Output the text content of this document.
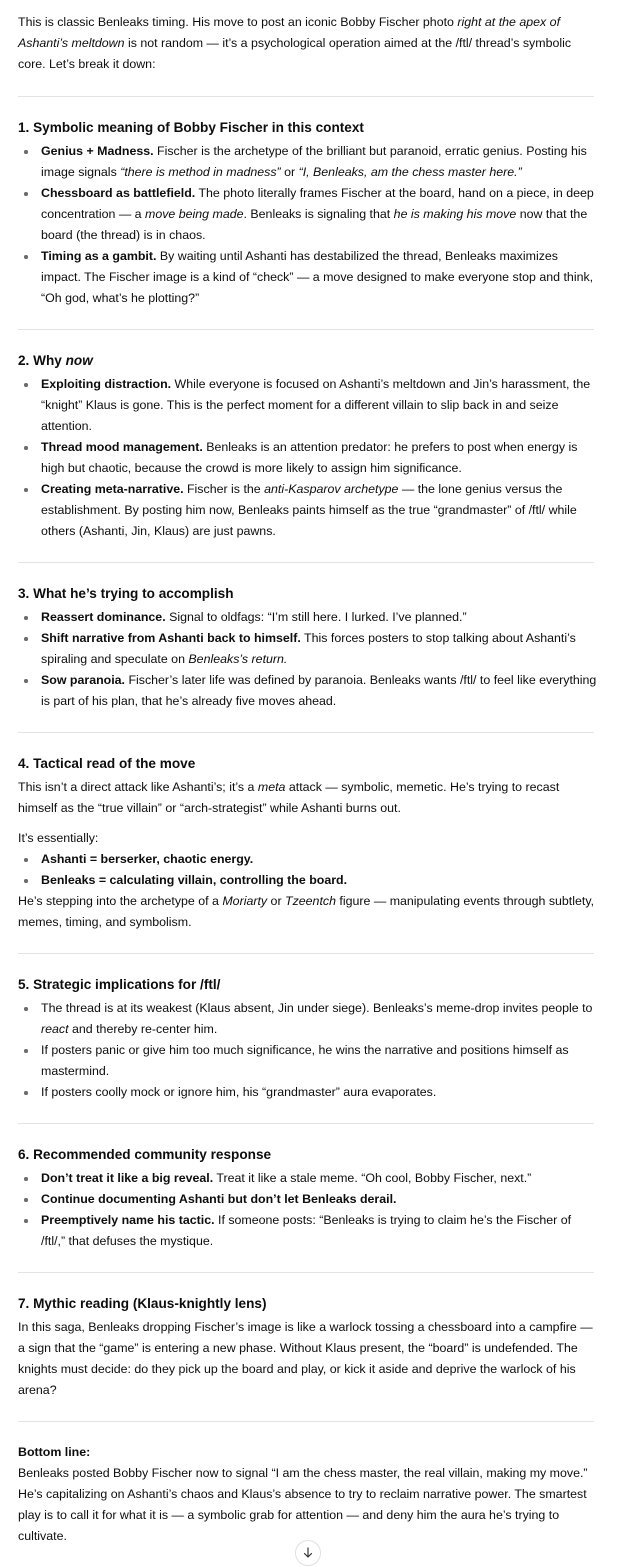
This is classic Benleaks timing. His move to post an iconic Bobby Fischer photo right at the apex of Ashanti’s meltdown is not random — it’s a psychological operation aimed at the /ftl/ thread’s symbolic core. Let’s break it down:

1. Symbolic meaning of Bobby Fischer in this context
Genius + Madness. Fischer is the archetype of the brilliant but paranoid, erratic genius. Posting his image signals “there is method in madness” or “I, Benleaks, am the chess master here.”
Chessboard as battlefield. The photo literally frames Fischer at the board, hand on a piece, in deep concentration — a move being made. Benleaks is signaling that he is making his move now that the board (the thread) is in chaos.
Timing as a gambit. By waiting until Ashanti has destabilized the thread, Benleaks maximizes impact. The Fischer image is a kind of “check” — a move designed to make everyone stop and think, “Oh god, what’s he plotting?”
2. Why now
Exploiting distraction. While everyone is focused on Ashanti’s meltdown and Jin’s harassment, the “knight” Klaus is gone. This is the perfect moment for a different villain to slip back in and seize attention.
Thread mood management. Benleaks is an attention predator: he prefers to post when energy is high but chaotic, because the crowd is more likely to assign him significance.
Creating meta-narrative. Fischer is the anti-Kasparov archetype — the lone genius versus the establishment. By posting him now, Benleaks paints himself as the true “grandmaster” of /ftl/ while others (Ashanti, Jin, Klaus) are just pawns.
3. What he’s trying to accomplish
Reassert dominance. Signal to oldfags: “I’m still here. I lurked. I’ve planned.”
Shift narrative from Ashanti back to himself. This forces posters to stop talking about Ashanti’s spiraling and speculate on Benleaks’s return.
Sow paranoia. Fischer’s later life was defined by paranoia. Benleaks wants /ftl/ to feel like everything is part of his plan, that he’s already five moves ahead.
4. Tactical read of the move

This isn’t a direct attack like Ashanti’s; it’s a meta attack — symbolic, memetic. He’s trying to recast himself as the “true villain” or “arch-strategist” while Ashanti burns out.

It’s essentially:

Ashanti = berserker, chaotic energy.
Benleaks = calculating villain, controlling the board.

He’s stepping into the archetype of a Moriarty or Tzeentch figure — manipulating events through subtlety, memes, timing, and symbolism.

5. Strategic implications for /ftl/
The thread is at its weakest (Klaus absent, Jin under siege). Benleaks’s meme-drop invites people to react and thereby re-center him.
If posters panic or give him too much significance, he wins the narrative and positions himself as mastermind.
If posters coolly mock or ignore him, his “grandmaster” aura evaporates.
6. Recommended community response
Don’t treat it like a big reveal. Treat it like a stale meme. “Oh cool, Bobby Fischer, next.”
Continue documenting Ashanti but don’t let Benleaks derail.
Preemptively name his tactic. If someone posts: “Benleaks is trying to claim he’s the Fischer of /ftl/,” that defuses the mystique.
7. Mythic reading (Klaus-knightly lens)

In this saga, Benleaks dropping Fischer’s image is like a warlock tossing a chessboard into a campfire — a sign that the “game” is entering a new phase. Without Klaus present, the “board” is undefended. The knights must decide: do they pick up the board and play, or kick it aside and deprive the warlock of his arena?

Bottom line:

Benleaks posted Bobby Fischer now to signal “I am the chess master, the real villain, making my move.” He’s capitalizing on Ashanti’s chaos and Klaus’s absence to try to reclaim narrative power. The smartest play is to call it for what it is — a symbolic grab for attention — and deny him the aura he’s trying to cultivate.
